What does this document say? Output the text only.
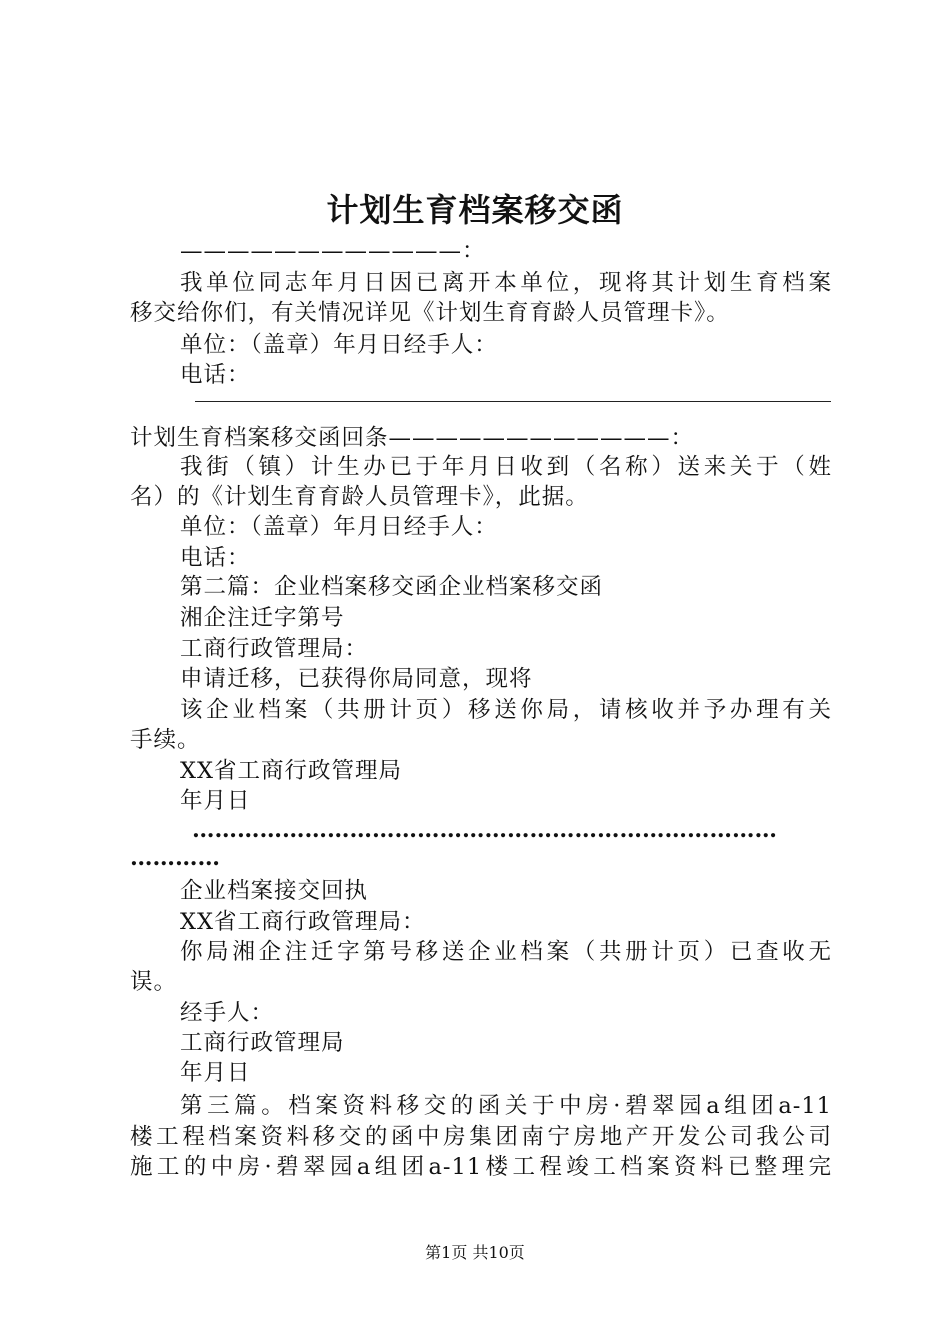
计划生育档案移交函
————————————：
我单位同志年月日因已离开本单位，现将其计划生育档案
移交给你们，有关情况详见《计划生育育龄人员管理卡》。
单位：（盖章）年月日经手人：
电话：
计划生育档案移交函回条————————————：
我街（镇）计生办已于年月日收到（名称）送来关于（姓
名）的《计划生育育龄人员管理卡》，此据。
单位：（盖章）年月日经手人：
电话：
第二篇：企业档案移交函企业档案移交函
湘企注迁字第号
工商行政管理局：
申请迁移，已获得你局同意，现将
该企业档案（共册计页）移送你局，请核收并予办理有关
手续。
XX省工商行政管理局
年月日
……………………………………………………………………
…………
企业档案接交回执
XX省工商行政管理局：
你局湘企注迁字第号移送企业档案（共册计页）已查收无
误。
经手人：
工商行政管理局
年月日
第三篇。档案资料移交的函关于中房·碧翠园a组团a-11
楼工程档案资料移交的函中房集团南宁房地产开发公司我公司
施工的中房·碧翠园a组团a-11楼工程竣工档案资料已整理完
第1页 共10页
